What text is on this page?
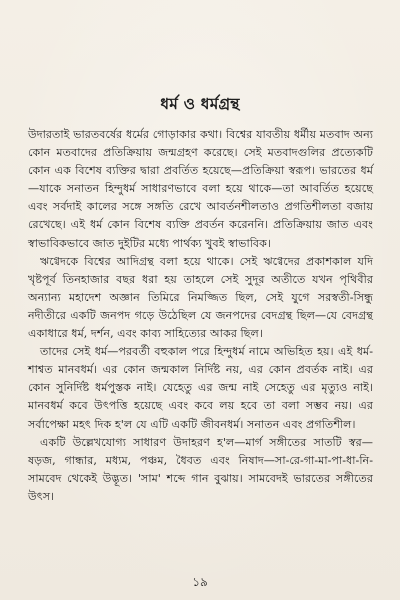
ধর্ম ও ধর্মগ্রন্থ

উদারতাই ভারতবর্ষের ধর্মের গোড়াকার কথা। বিশ্বের যাবতীয় ধর্মীয় মতবাদ অন্য কোন মতবাদের প্রতিক্রিয়ায় জন্মগ্রহণ করেছে। সেই মতবাদগুলির প্রত্যেকটি কোন এক বিশেষ ব্যক্তির দ্বারা প্রবর্তিত হয়েছে—প্রতিক্রিয়া স্বরূপ। ভারতের ধর্ম—যাকে সনাতন হিন্দুধর্ম সাধারণভাবে বলা হয়ে থাকে—তা আবর্তিত হয়েছে এবং সর্বদাই কালের সঙ্গে সঙ্গতি রেখে আবর্তনশীলতাও প্রগতিশীলতা বজায় রেখেছে। এই ধর্ম কোন বিশেষ ব্যক্তি প্রবর্তন করেননি। প্রতিক্রিয়ায় জাত এবং স্বাভাবিকভাবে জাত দুইটির মধ্যে পার্থক্য খুবই স্বাভাবিক।

ঋগ্বেদকে বিশ্বের আদিগ্রন্থ বলা হয়ে থাকে। সেই ঋগ্বেদের প্রকাশকাল যদি খৃষ্টপূর্ব তিনহাজার বছর ধরা হয় তাহলে সেই সুদূর অতীতে যখন পৃথিবীর অন্যান্য মহাদেশ অজ্ঞান তিমিরে নিমজ্জিত ছিল, সেই যুগে সরস্বতী-সিন্ধু নদীতীরে একটি জনপদ গড়ে উঠেছিল যে জনপদের বেদগ্রন্থ ছিল—যে বেদগ্রন্থ একাধারে ধর্ম, দর্শন, এবং কাব্য সাহিত্যের আকর ছিল।

তাদের সেই ধর্ম—পরবর্তী বহুকাল পরে হিন্দুধর্ম নামে অভিহিত হয়। এই ধর্ম-শাশ্বত মানবধর্ম। এর কোন জন্মকাল নির্দিষ্ট নয়, এর কোন প্রবর্তক নাই। এর কোন সুনির্দিষ্ট ধর্মপুস্তক নাই। যেহেতু এর জন্ম নাই সেহেতু এর মৃত্যুও নাই। মানবধর্ম কবে উৎপত্তি হয়েছে এবং কবে লয় হবে তা বলা সম্ভব নয়। এর সর্বাপেক্ষা মহৎ দিক হ'ল যে এটি একটি জীবনধর্ম। সনাতন এবং প্রগতিশীল।

একটি উল্লেখযোগ্য সাধারণ উদাহরণ হ'ল—মার্গ সঙ্গীতের সাতটি স্বর—ষড়জ, গান্ধার, মধ্যম, পঞ্চম, ধৈবত এবং নিষাদ—সা-রে-গা-মা-পা-ধা-নি-সামবেদ থেকেই উদ্ভূত। 'সাম' শব্দে গান বুঝায়। সামবেদই ভারতের সঙ্গীতের উৎস।

১৯
